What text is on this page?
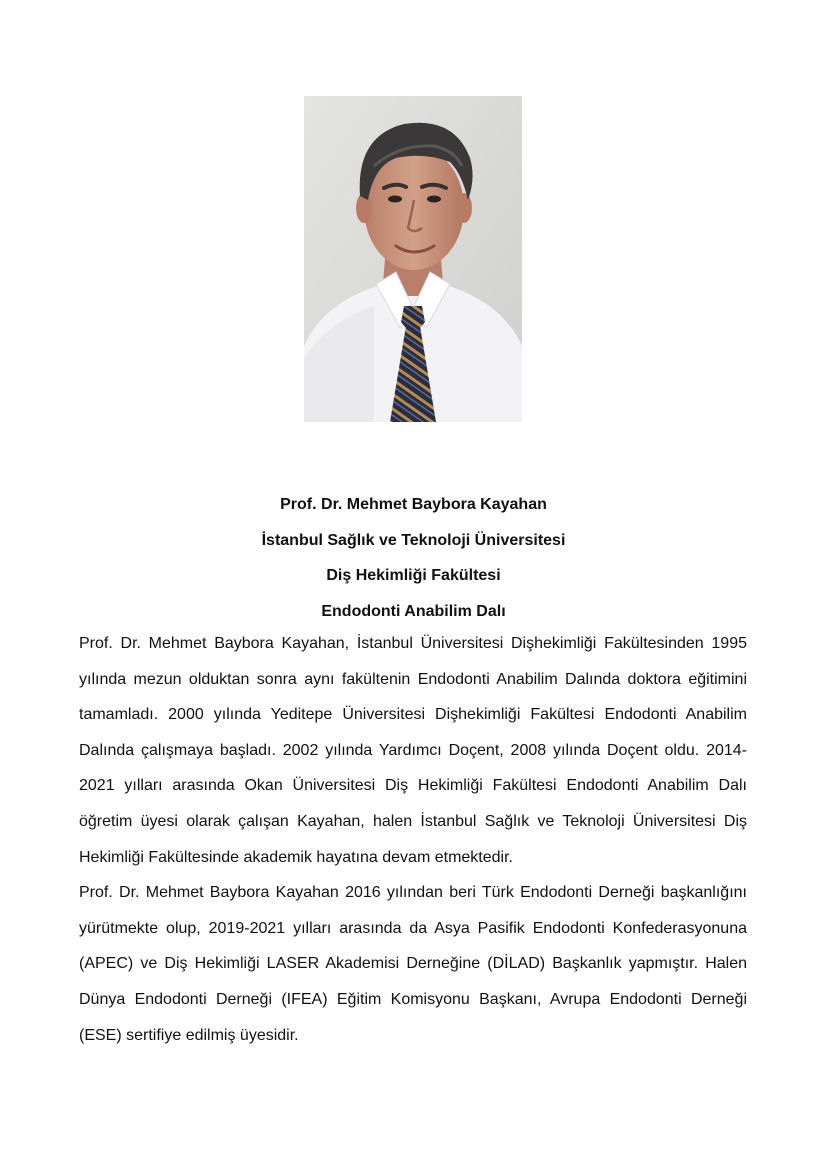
Prof. Dr. Mehmet Baybora Kayahan
İstanbul Sağlık ve Teknoloji Üniversitesi
Diş Hekimliği Fakültesi
Endodonti Anabilim Dalı

Prof. Dr. Mehmet Baybora Kayahan, İstanbul Üniversitesi Dişhekimliği Fakültesinden 1995 yılında mezun olduktan sonra aynı fakültenin Endodonti Anabilim Dalında doktora eğitimini tamamladı. 2000 yılında Yeditepe Üniversitesi Dişhekimliği Fakültesi Endodonti Anabilim Dalında çalışmaya başladı. 2002 yılında Yardımcı Doçent, 2008 yılında Doçent oldu. 2014-2021 yılları arasında Okan Üniversitesi Diş Hekimliği Fakültesi Endodonti Anabilim Dalı öğretim üyesi olarak çalışan Kayahan, halen İstanbul Sağlık ve Teknoloji Üniversitesi Diş Hekimliği Fakültesinde akademik hayatına devam etmektedir.

Prof. Dr. Mehmet Baybora Kayahan 2016 yılından beri Türk Endodonti Derneği başkanlığını yürütmekte olup, 2019-2021 yılları arasında da Asya Pasifik Endodonti Konfederasyonuna (APEC) ve Diş Hekimliği LASER Akademisi Derneğine (DİLAD) Başkanlık yapmıştır. Halen Dünya Endodonti Derneği (IFEA) Eğitim Komisyonu Başkanı, Avrupa Endodonti Derneği (ESE) sertifiye edilmiş üyesidir.
